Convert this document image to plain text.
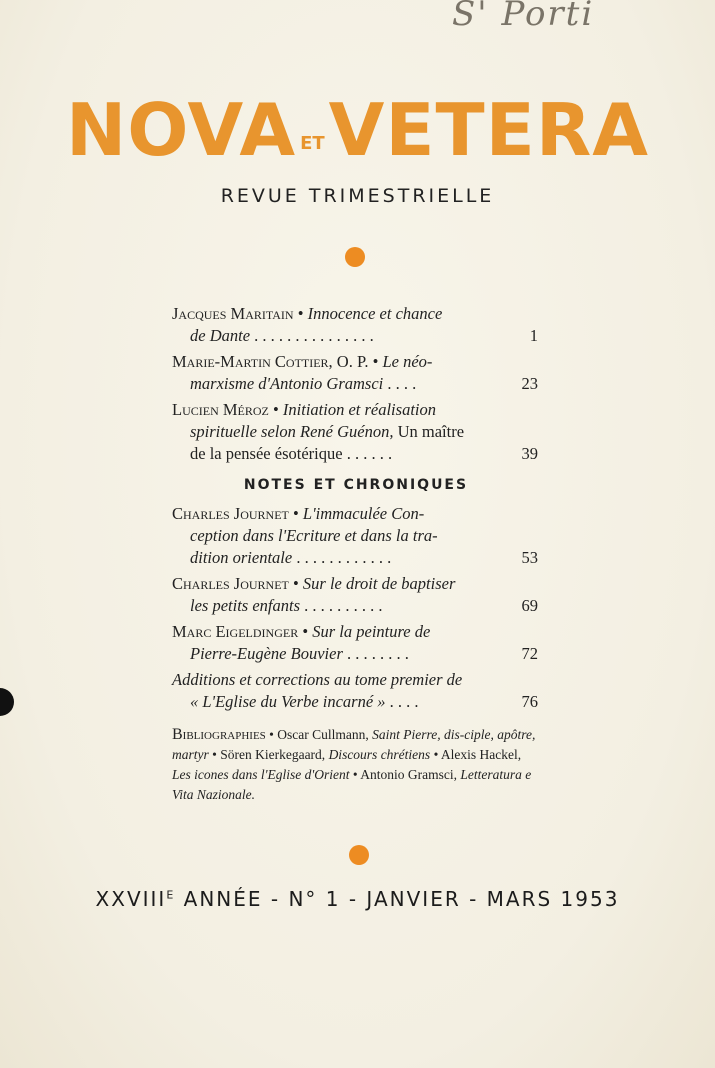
S' Porti
NOVA ETVETERA
REVUE TRIMESTRIELLE
Jacques Maritain • Innocence et chance
de Dante . . . . . . . . . . . . . . .	1
Marie-Martin Cottier, O. P. • Le néo-
marxisme d'Antonio Gramsci . . . .	23
Lucien Méroz • Initiation et réalisation
spirituelle selon René Guénon, Un maître
de la pensée ésotérique . . . . . .	39
NOTES ET CHRONIQUES
Charles Journet • L'immaculée Con-
ception dans l'Ecriture et dans la tra-
dition orientale . . . . . . . . . . . .	53
Charles Journet • Sur le droit de baptiser
les petits enfants . . . . . . . . . .	69
Marc Eigeldinger • Sur la peinture de
Pierre-Eugène Bouvier . . . . . . . .	72
Additions et corrections au tome premier de
« L'Eglise du Verbe incarné » . . . .	76
Bibliographies • Oscar Cullmann, Saint Pierre, dis-ciple, apôtre, martyr • Sören Kierkegaard, Discours chrétiens • Alexis Hackel, Les icones dans l'Eglise d'Orient • Antonio Gramsci, Letteratura e Vita Nazionale.
$XXVIII^E$ ANNÉE - N° 1 - JANVIER - MARS 1953
